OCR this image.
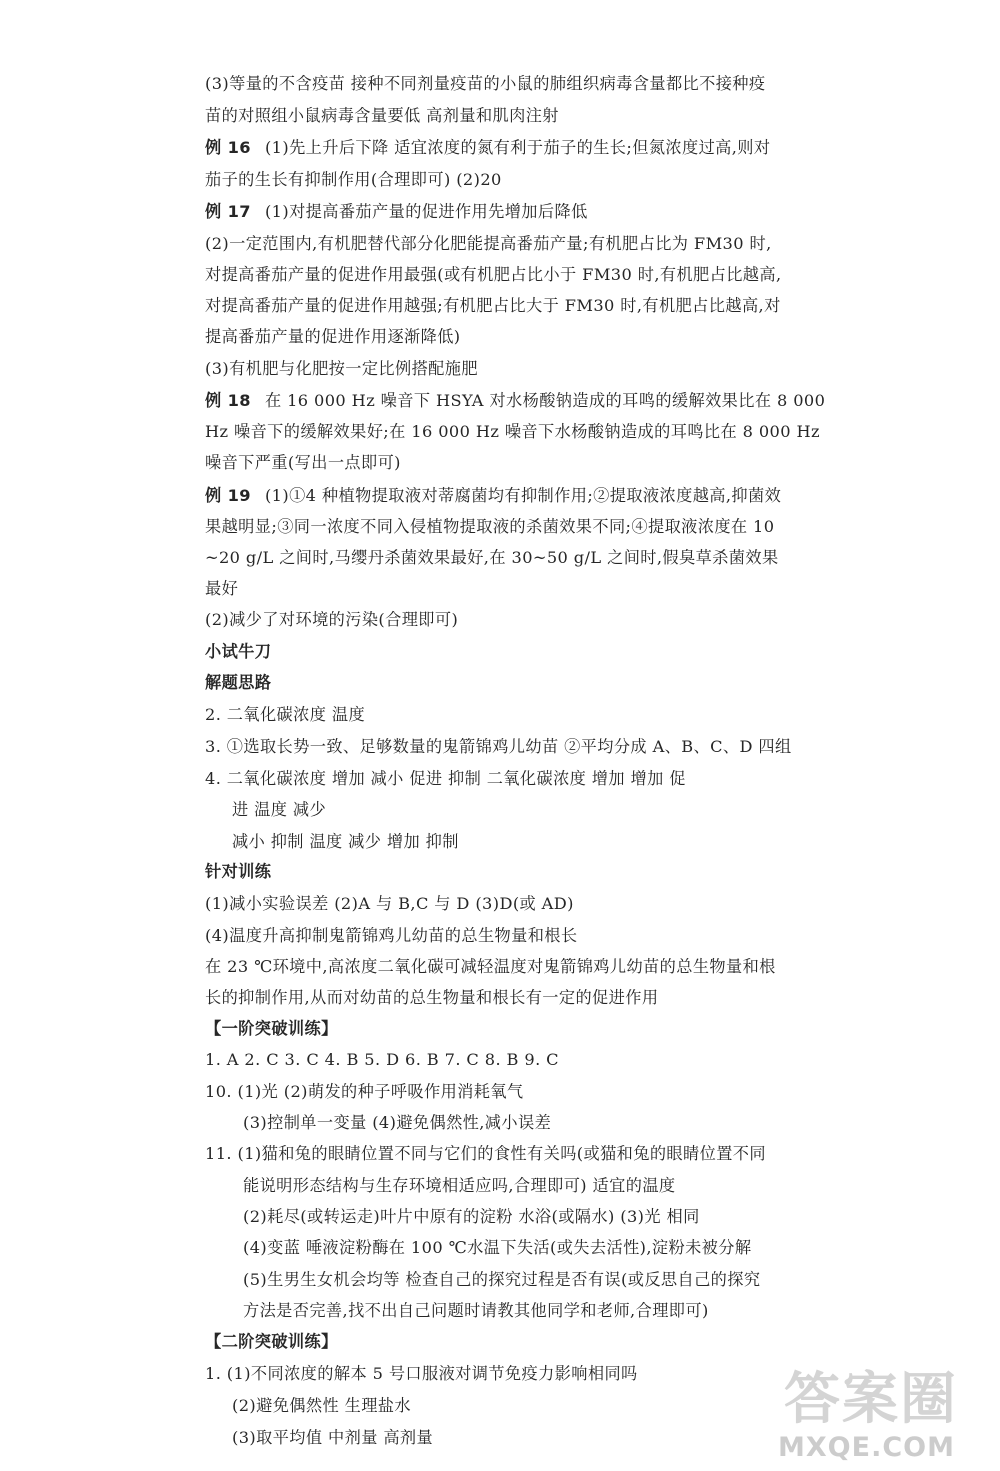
(3)等量的不含疫苗 接种不同剂量疫苗的小鼠的肺组织病毒含量都比不接种疫
苗的对照组小鼠病毒含量要低 高剂量和肌肉注射
例 16 (1)先上升后下降 适宜浓度的氮有利于茄子的生长;但氮浓度过高,则对
茄子的生长有抑制作用(合理即可) (2)20
例 17 (1)对提高番茄产量的促进作用先增加后降低
(2)一定范围内,有机肥替代部分化肥能提高番茄产量;有机肥占比为 FM30 时,
对提高番茄产量的促进作用最强(或有机肥占比小于 FM30 时,有机肥占比越高,
对提高番茄产量的促进作用越强;有机肥占比大于 FM30 时,有机肥占比越高,对
提高番茄产量的促进作用逐渐降低)
(3)有机肥与化肥按一定比例搭配施肥
例 18 在 16 000 Hz 噪音下 HSYA 对水杨酸钠造成的耳鸣的缓解效果比在 8 000
Hz 噪音下的缓解效果好;在 16 000 Hz 噪音下水杨酸钠造成的耳鸣比在 8 000 Hz
噪音下严重(写出一点即可)
例 19 (1)①4 种植物提取液对蒂腐菌均有抑制作用;②提取液浓度越高,抑菌效
果越明显;③同一浓度不同入侵植物提取液的杀菌效果不同;④提取液浓度在 10
~20 g/L 之间时,马缨丹杀菌效果最好,在 30~50 g/L 之间时,假臭草杀菌效果
最好
(2)减少了对环境的污染(合理即可)
小试牛刀
解题思路
2. 二氧化碳浓度 温度
3. ①选取长势一致、足够数量的鬼箭锦鸡儿幼苗 ②平均分成 A、B、C、D 四组
4. 二氧化碳浓度 增加 减小 促进 抑制 二氧化碳浓度 增加 增加 促
进 温度 减少
减小 抑制 温度 减少 增加 抑制
针对训练
(1)减小实验误差 (2)A 与 B,C 与 D (3)D(或 AD)
(4)温度升高抑制鬼箭锦鸡儿幼苗的总生物量和根长
在 23 ℃环境中,高浓度二氧化碳可减轻温度对鬼箭锦鸡儿幼苗的总生物量和根
长的抑制作用,从而对幼苗的总生物量和根长有一定的促进作用
【一阶突破训练】
1. A 2. C 3. C 4. B 5. D 6. B 7. C 8. B 9. C
10. (1)光 (2)萌发的种子呼吸作用消耗氧气
(3)控制单一变量 (4)避免偶然性,减小误差
11. (1)猫和兔的眼睛位置不同与它们的食性有关吗(或猫和兔的眼睛位置不同
能说明形态结构与生存环境相适应吗,合理即可) 适宜的温度
(2)耗尽(或转运走)叶片中原有的淀粉 水浴(或隔水) (3)光 相同
(4)变蓝 唾液淀粉酶在 100 ℃水温下失活(或失去活性),淀粉未被分解
(5)生男生女机会均等 检查自己的探究过程是否有误(或反思自己的探究
方法是否完善,找不出自己问题时请教其他同学和老师,合理即可)
【二阶突破训练】
1. (1)不同浓度的解本 5 号口服液对调节免疫力影响相同吗
(2)避免偶然性 生理盐水
(3)取平均值 中剂量 高剂量
答案圈
MXQE.COM
